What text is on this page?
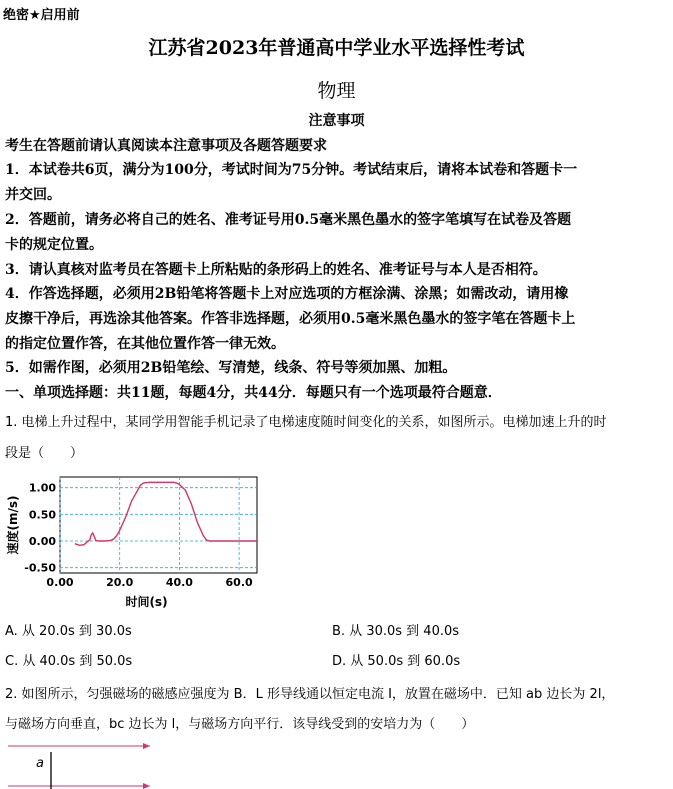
绝密★启用前
江苏省2023年普通高中学业水平选择性考试
物理
注意事项
考生在答题前请认真阅读本注意事项及各题答题要求
1．本试卷共6页，满分为100分，考试时间为75分钟。考试结束后，请将本试卷和答题卡一
并交回。
2．答题前，请务必将自己的姓名、准考证号用0.5毫米黑色墨水的签字笔填写在试卷及答题
卡的规定位置。
3．请认真核对监考员在答题卡上所粘贴的条形码上的姓名、准考证号与本人是否相符。
4．作答选择题，必须用2B铅笔将答题卡上对应选项的方框涂满、涂黑；如需改动，请用橡
皮擦干净后，再选涂其他答案。作答非选择题，必须用0.5毫米黑色墨水的签字笔在答题卡上
的指定位置作答，在其他位置作答一律无效。
5．如需作图，必须用2B铅笔绘、写清楚，线条、符号等须加黑、加粗。
一、单项选择题：共11题，每题4分，共44分．每题只有一个选项最符合题意．
1. 电梯上升过程中，某同学用智能手机记录了电梯速度随时间变化的关系，如图所示。电梯加速上升的时
段是（　　）
0.00	20.0	40.0	60.0
1.00
0.50
0.00
-0.50
时间(s)
速度(m/s)
A. 从 20.0s 到 30.0s	B. 从 30.0s 到 40.0s
C. 从 40.0s 到 50.0s	D. 从 50.0s 到 60.0s
2. 如图所示，匀强磁场的磁感应强度为 B．L 形导线通以恒定电流 I，放置在磁场中．已知 ab 边长为 2l，
与磁场方向垂直，bc 边长为 l，与磁场方向平行．该导线受到的安培力为（　　）
a
